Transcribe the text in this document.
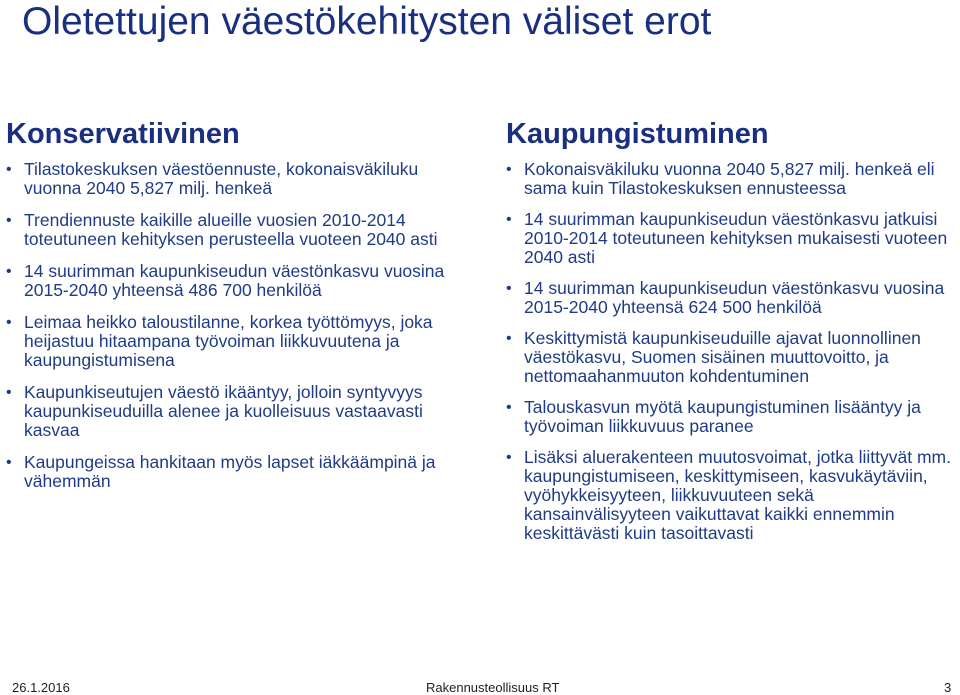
Oletettujen väestökehitysten väliset erot
Konservatiivinen
• Tilastokeskuksen väestöennuste, kokonaisväkiluku vuonna 2040 5,827 milj. henkeä
• Trendiennuste kaikille alueille vuosien 2010-2014 toteutuneen kehityksen perusteella vuoteen 2040 asti
• 14 suurimman kaupunkiseudun väestönkasvu vuosina 2015-2040 yhteensä 486 700 henkilöä
• Leimaa heikko taloustilanne, korkea työttömyys, joka heijastuu hitaampana työvoiman liikkuvuutena ja kaupungistumisena
• Kaupunkiseutujen väestö ikääntyy, jolloin syntyvyys kaupunkiseuduilla alenee ja kuolleisuus vastaavasti kasvaa
• Kaupungeissa hankitaan myös lapset iäkkäämpinä ja vähemmän
Kaupungistuminen
• Kokonaisväkiluku vuonna 2040 5,827 milj. henkeä eli sama kuin Tilastokeskuksen ennusteessa
• 14 suurimman kaupunkiseudun väestönkasvu jatkuisi 2010-2014 toteutuneen kehityksen mukaisesti vuoteen 2040 asti
• 14 suurimman kaupunkiseudun väestönkasvu vuosina 2015-2040 yhteensä 624 500 henkilöä
• Keskittymistä kaupunkiseuduille ajavat luonnollinen väestökasvu, Suomen sisäinen muuttovoitto, ja nettomaahanmuuton kohdentuminen
• Talouskasvun myötä kaupungistuminen lisääntyy ja työvoiman liikkuvuus paranee
• Lisäksi aluerakenteen muutosvoimat, jotka liittyvät mm. kaupungistumiseen, keskittymiseen, kasvukäytäviin, vyöhykkeisyyteen, liikkuvuuteen sekä kansainvälisyyteen vaikuttavat kaikki ennemmin keskittävästi kuin tasoittavasti
26.1.2016	Rakennusteollisuus RT	3
